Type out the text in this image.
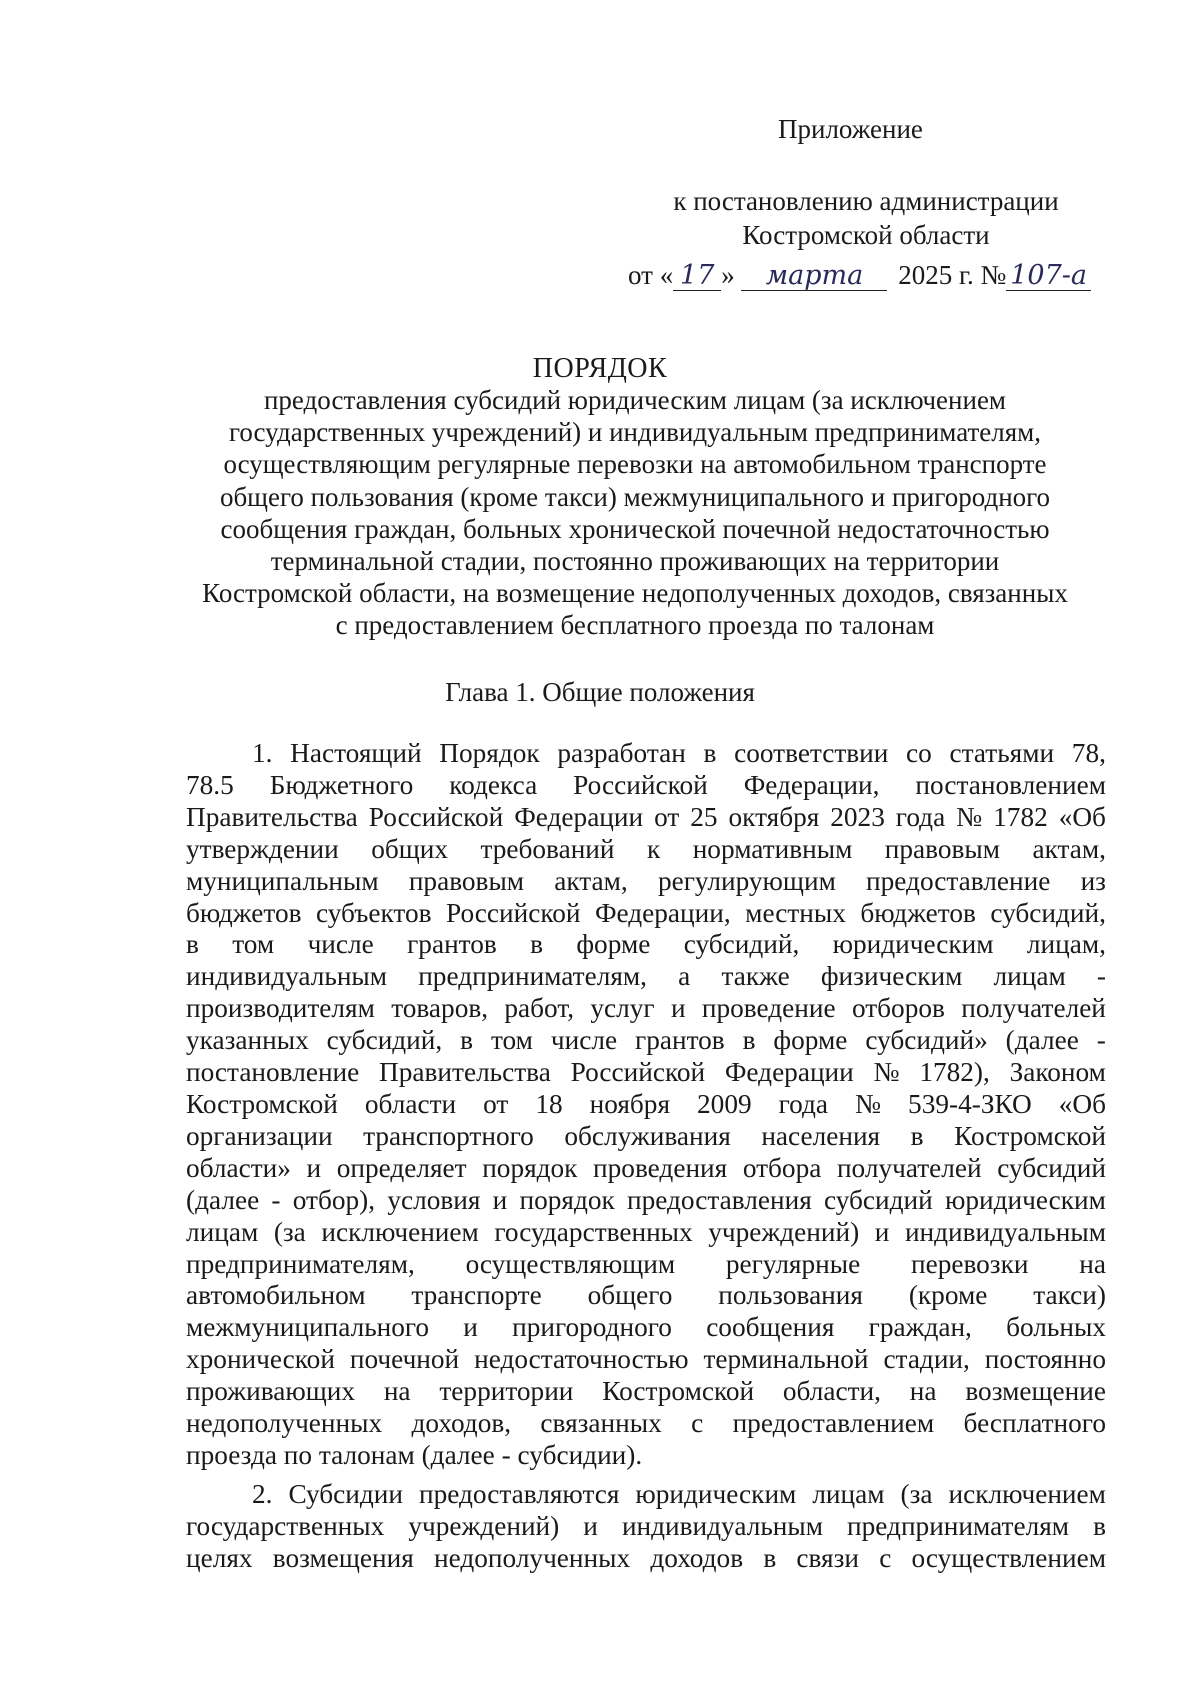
Приложение
к постановлению администрации
Костромской области
от « 17 » марта 2025 г. № 107-а
ПОРЯДОК
предоставления субсидий юридическим лицам (за исключением
государственных учреждений) и индивидуальным предпринимателям,
осуществляющим регулярные перевозки на автомобильном транспорте
общего пользования (кроме такси) межмуниципального и пригородного
сообщения граждан, больных хронической почечной недостаточностью
терминальной стадии, постоянно проживающих на территории
Костромской области, на возмещение недополученных доходов, связанных
с предоставлением бесплатного проезда по талонам
Глава 1. Общие положения

1. Настоящий Порядок разработан в соответствии со статьями 78,
78.5 Бюджетного кодекса Российской Федерации, постановлением
Правительства Российской Федерации от 25 октября 2023 года № 1782 «Об
утверждении общих требований к нормативным правовым актам,
муниципальным правовым актам, регулирующим предоставление из
бюджетов субъектов Российской Федерации, местных бюджетов субсидий,
в том числе грантов в форме субсидий, юридическим лицам,
индивидуальным предпринимателям, а также физическим лицам -
производителям товаров, работ, услуг и проведение отборов получателей
указанных субсидий, в том числе грантов в форме субсидий» (далее -
постановление Правительства Российской Федерации № 1782), Законом
Костромской области от 18 ноября 2009 года № 539-4-ЗКО «Об
организации транспортного обслуживания населения в Костромской
области» и определяет порядок проведения отбора получателей субсидий
(далее - отбор), условия и порядок предоставления субсидий юридическим
лицам (за исключением государственных учреждений) и индивидуальным
предпринимателям, осуществляющим регулярные перевозки на
автомобильном транспорте общего пользования (кроме такси)
межмуниципального и пригородного сообщения граждан, больных
хронической почечной недостаточностью терминальной стадии, постоянно
проживающих на территории Костромской области, на возмещение
недополученных доходов, связанных с предоставлением бесплатного
проезда по талонам (далее - субсидии).

2. Субсидии предоставляются юридическим лицам (за исключением
государственных учреждений) и индивидуальным предпринимателям в
целях возмещения недополученных доходов в связи с осуществлением
